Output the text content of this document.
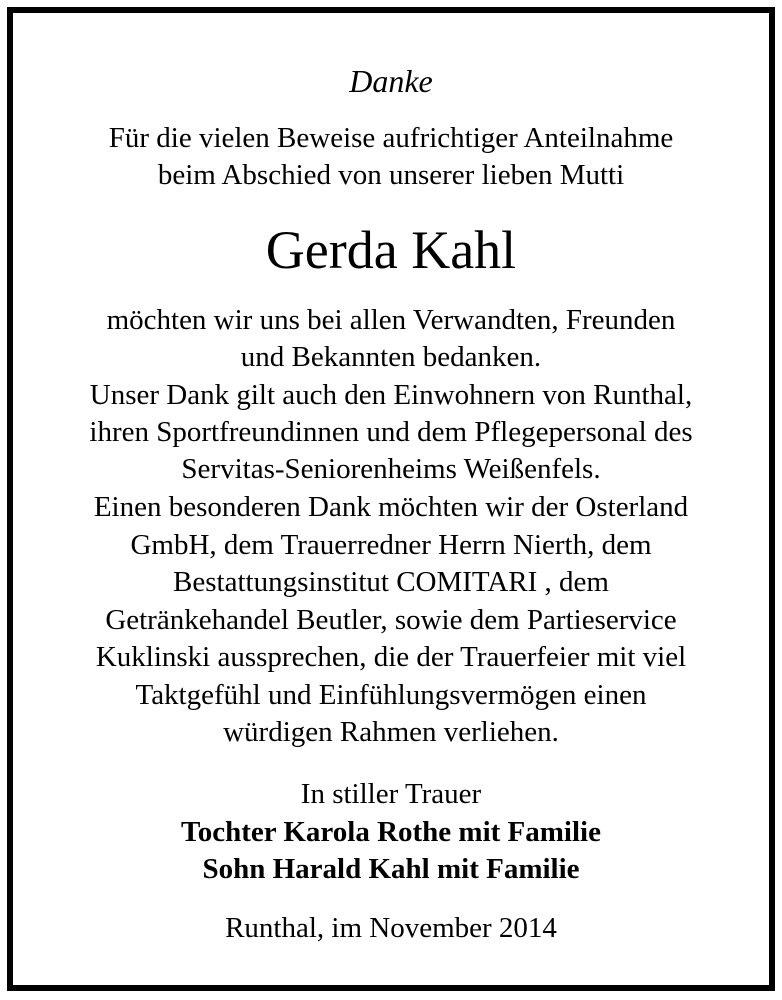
Danke
Für die vielen Beweise aufrichtiger Anteilnahme
beim Abschied von unserer lieben Mutti
Gerda Kahl
möchten wir uns bei allen Verwandten, Freunden
und Bekannten bedanken.
Unser Dank gilt auch den Einwohnern von Runthal,
ihren Sportfreundinnen und dem Pflegepersonal des
Servitas-Seniorenheims Weißenfels.
Einen besonderen Dank möchten wir der Osterland
GmbH, dem Trauerredner Herrn Nierth, dem
Bestattungsinstitut COMITARI , dem
Getränkehandel Beutler, sowie dem Partieservice
Kuklinski aussprechen, die der Trauerfeier mit viel
Taktgefühl und Einfühlungsvermögen einen
würdigen Rahmen verliehen.
In stiller Trauer
Tochter Karola Rothe mit Familie
Sohn Harald Kahl mit Familie
Runthal, im November 2014
